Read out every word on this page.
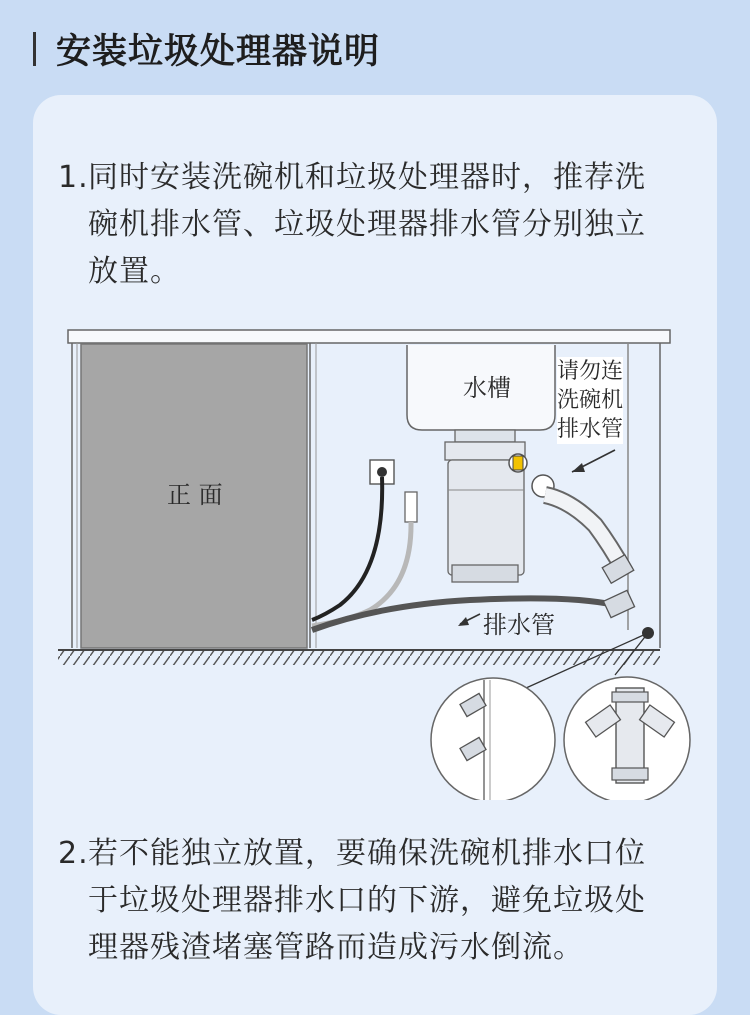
安装垃圾处理器说明
1.同时安装洗碗机和垃圾处理器时，推荐洗
碗机排水管、垃圾处理器排水管分别独立
放置。
正 面
水槽
请勿连
洗碗机
排水管
排水管
2.若不能独立放置，要确保洗碗机排水口位
于垃圾处理器排水口的下游，避免垃圾处
理器残渣堵塞管路而造成污水倒流。
